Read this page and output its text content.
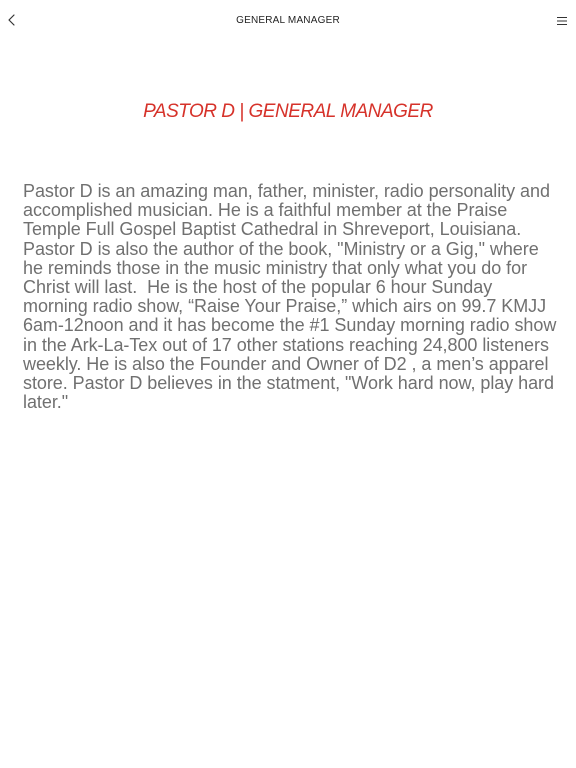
GENERAL MANAGER
PASTOR D | GENERAL MANAGER

Pastor D is an amazing man, father, minister, radio personality and accomplished musician. He is a faithful member at the Praise Temple Full Gospel Baptist Cathedral in Shreveport, Louisiana. Pastor D is also the author of the book, "Ministry or a Gig," where he reminds those in the music ministry that only what you do for Christ will last.  He is the host of the popular 6 hour Sunday morning radio show, “Raise Your Praise,” which airs on 99.7 KMJJ 6am-12noon and it has become the #1 Sunday morning radio show in the Ark-La-Tex out of 17 other stations reaching 24,800 listeners weekly. He is also the Founder and Owner of D2 , a men’s apparel store. Pastor D believes in the statment, "Work hard now, play hard later."
